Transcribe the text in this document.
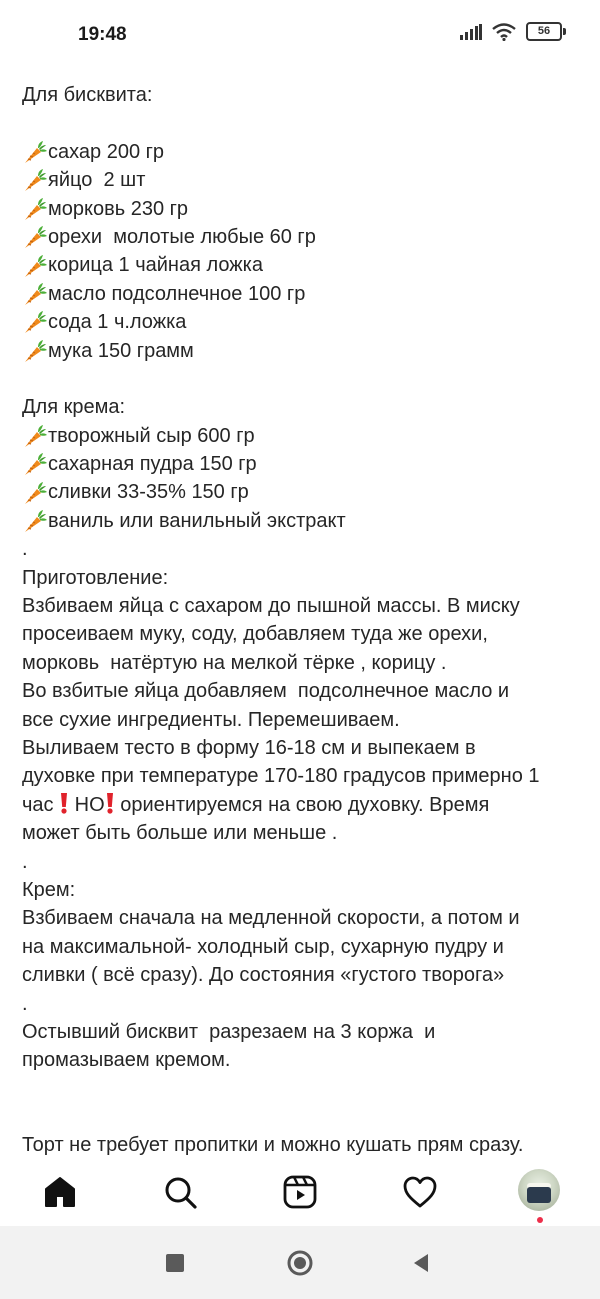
19:48	56
Для бисквита:
сахар 200 гр
яйцо  2 шт
морковь 230 гр
орехи  молотые любые 60 гр
корица 1 чайная ложка
масло подсолнечное 100 гр
сода 1 ч.ложка
мука 150 грамм
Для крема:
творожный сыр 600 гр
сахарная пудра 150 гр
сливки 33-35% 150 гр
ваниль или ванильный экстракт
.
Приготовление:
Взбиваем яйца с сахаром до пышной массы. В миску
просеиваем муку, соду, добавляем туда же орехи,
морковь  натёртую на мелкой тёрке , корицу .
Во взбитые яйца добавляем  подсолнечное масло и
все сухие ингредиенты. Перемешиваем.
Выливаем тесто в форму 16-18 см и выпекаем в
духовке при температуре 170-180 градусов примерно 1
час  НО ориентируемся на свою духовку. Время
может быть больше или меньше .
.
Крем:
Взбиваем сначала на медленной скорости, а потом и
на максимальной- холодный сыр, сухарную пудру и
сливки ( всё сразу). До состояния «густого творога»
.
Остывший бисквит  разрезаем на 3 коржа  и
промазываем кремом.
Торт не требует пропитки и можно кушать прям сразу.
